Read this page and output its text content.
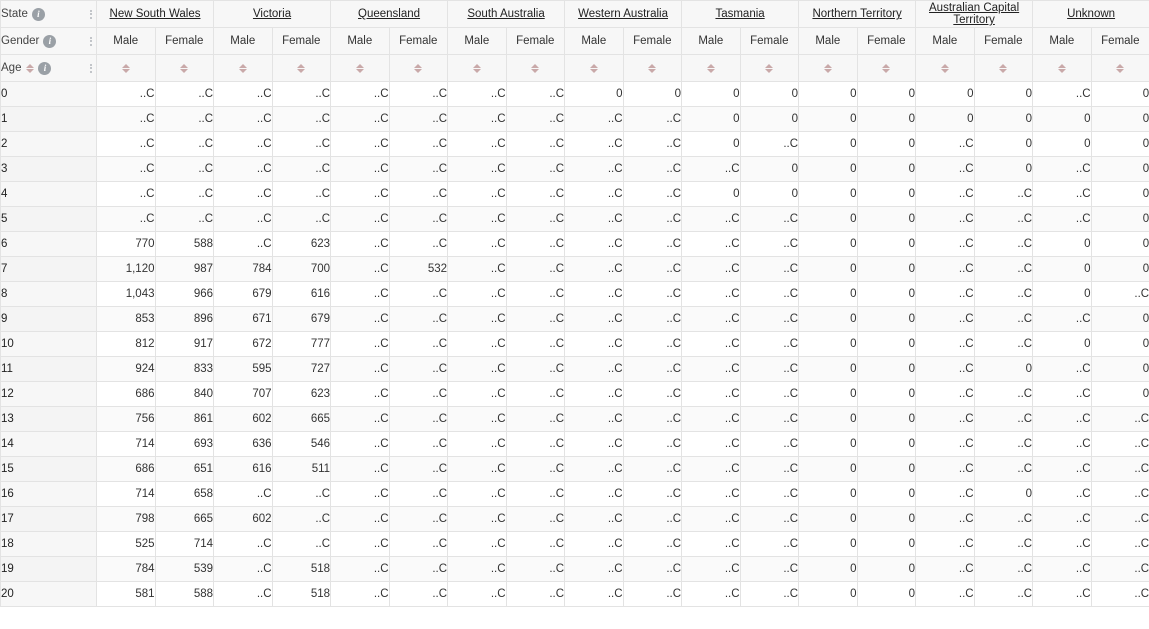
State i	New South Wales		Victoria		Queensland		South Australia		Western Australia		Tasmania		Northern Territory		Australian Capital Territory		Unknown	

Gender i	Male	Female	Male	Female	Male	Female	Male	Female	Male	Female	Male	Female	Male	Female	Male	Female	Male	Female

Age i																		

0	..C	..C	..C	..C	..C	..C	..C	..C	0	0	0	0	0	0	0	0	..C	0
1	..C	..C	..C	..C	..C	..C	..C	..C	..C	..C	0	0	0	0	0	0	0	0
2	..C	..C	..C	..C	..C	..C	..C	..C	..C	..C	0	..C	0	0	..C	0	0	0
3	..C	..C	..C	..C	..C	..C	..C	..C	..C	..C	..C	0	0	0	..C	0	..C	0
4	..C	..C	..C	..C	..C	..C	..C	..C	..C	..C	0	0	0	0	..C	..C	..C	0
5	..C	..C	..C	..C	..C	..C	..C	..C	..C	..C	..C	..C	0	0	..C	..C	..C	0
6	770	588	..C	623	..C	..C	..C	..C	..C	..C	..C	..C	0	0	..C	..C	0	0
7	1,120	987	784	700	..C	532	..C	..C	..C	..C	..C	..C	0	0	..C	..C	0	0
8	1,043	966	679	616	..C	..C	..C	..C	..C	..C	..C	..C	0	0	..C	..C	0	..C
9	853	896	671	679	..C	..C	..C	..C	..C	..C	..C	..C	0	0	..C	..C	..C	0
10	812	917	672	777	..C	..C	..C	..C	..C	..C	..C	..C	0	0	..C	..C	0	0
11	924	833	595	727	..C	..C	..C	..C	..C	..C	..C	..C	0	0	..C	0	..C	0
12	686	840	707	623	..C	..C	..C	..C	..C	..C	..C	..C	0	0	..C	..C	..C	0
13	756	861	602	665	..C	..C	..C	..C	..C	..C	..C	..C	0	0	..C	..C	..C	..C
14	714	693	636	546	..C	..C	..C	..C	..C	..C	..C	..C	0	0	..C	..C	..C	..C
15	686	651	616	511	..C	..C	..C	..C	..C	..C	..C	..C	0	0	..C	..C	..C	..C
16	714	658	..C	..C	..C	..C	..C	..C	..C	..C	..C	..C	0	0	..C	0	..C	..C
17	798	665	602	..C	..C	..C	..C	..C	..C	..C	..C	..C	0	0	..C	..C	..C	..C
18	525	714	..C	..C	..C	..C	..C	..C	..C	..C	..C	..C	0	0	..C	..C	..C	..C
19	784	539	..C	518	..C	..C	..C	..C	..C	..C	..C	..C	0	0	..C	..C	..C	..C
20	581	588	..C	518	..C	..C	..C	..C	..C	..C	..C	..C	0	0	..C	..C	..C	..C
